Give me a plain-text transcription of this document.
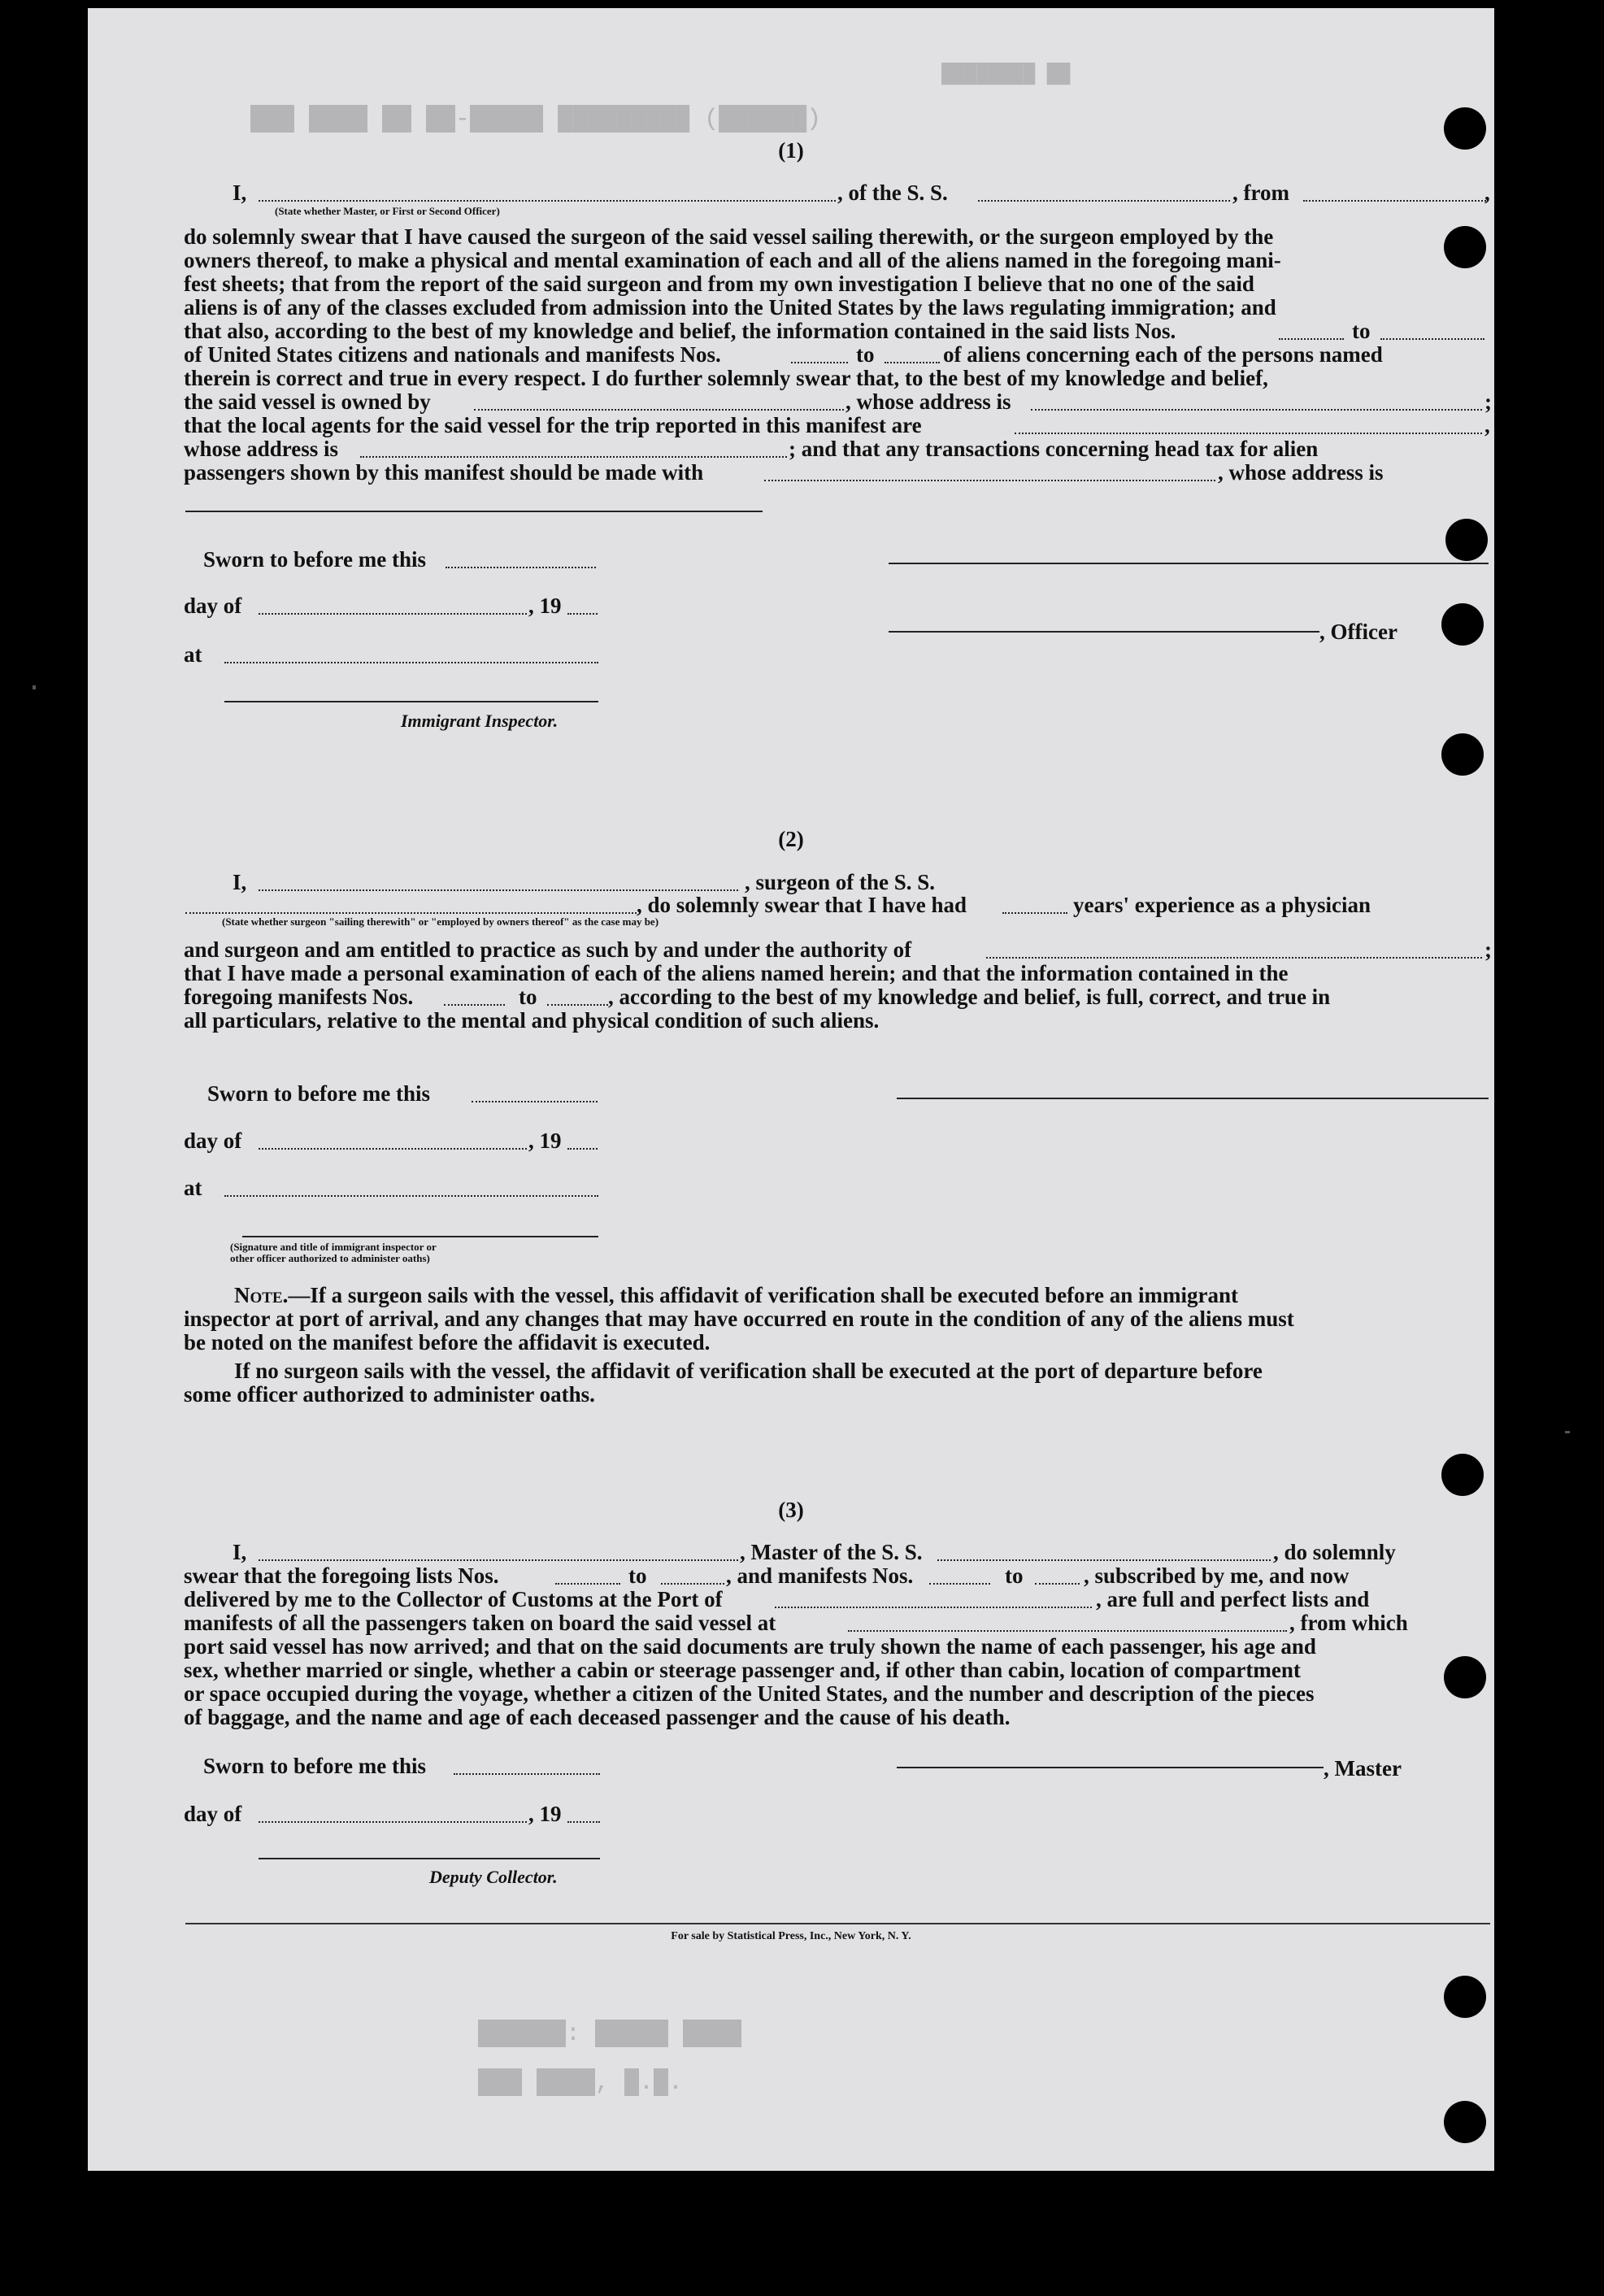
███ ████ ██ ██-█████ █████████ (██████)
████████ ██
██████: █████ ████
███ ████, █.█.
(1)
I,	, of the S. S.	, from	,
(State whether Master, or First or Second Officer)
do solemnly swear that I have caused the surgeon of the said vessel sailing therewith, or the surgeon employed by the
owners thereof, to make a physical and mental examination of each and all of the aliens named in the foregoing mani-
fest sheets; that from the report of the said surgeon and from my own investigation I believe that no one of the said
aliens is of any of the classes excluded from admission into the United States by the laws regulating immigration; and
that also, according to the best of my knowledge and belief, the information contained in the said lists Nos.	to
of United States citizens and nationals and manifests Nos.	to	of aliens concerning each of the persons named
therein is correct and true in every respect. I do further solemnly swear that, to the best of my knowledge and belief,
the said vessel is owned by	, whose address is	;
that the local agents for the said vessel for the trip reported in this manifest are	,
whose address is	; and that any transactions concerning head tax for alien
passengers shown by this manifest should be made with	, whose address is
Sworn to before me this
day of	, 19
, Officer
at
Immigrant Inspector.
(2)
I,	, surgeon of the S. S.
, do solemnly swear that I have had	years' experience as a physician
(State whether surgeon "sailing therewith" or "employed by owners thereof" as the case may be)
and surgeon and am entitled to practice as such by and under the authority of	;
that I have made a personal examination of each of the aliens named herein; and that the information contained in the
foregoing manifests Nos.	to	, according to the best of my knowledge and belief, is full, correct, and true in
all particulars, relative to the mental and physical condition of such aliens.
Sworn to before me this
day of	, 19
at
(Signature and title of immigrant inspector or
other officer authorized to administer oaths)
Note.—If a surgeon sails with the vessel, this affidavit of verification shall be executed before an immigrant
inspector at port of arrival, and any changes that may have occurred en route in the condition of any of the aliens must
be noted on the manifest before the affidavit is executed.
If no surgeon sails with the vessel, the affidavit of verification shall be executed at the port of departure before
some officer authorized to administer oaths.
(3)
I,	, Master of the S. S.	, do solemnly
swear that the foregoing lists Nos.	to	, and manifests Nos.	to	, subscribed by me, and now
delivered by me to the Collector of Customs at the Port of	, are full and perfect lists and
manifests of all the passengers taken on board the said vessel at	, from which
port said vessel has now arrived; and that on the said documents are truly shown the name of each passenger, his age and
sex, whether married or single, whether a cabin or steerage passenger and, if other than cabin, location of compartment
or space occupied during the voyage, whether a citizen of the United States, and the number and description of the pieces
of baggage, and the name and age of each deceased passenger and the cause of his death.
Sworn to before me this	, Master
day of	, 19
Deputy Collector.
For sale by Statistical Press, Inc., New York, N. Y.
